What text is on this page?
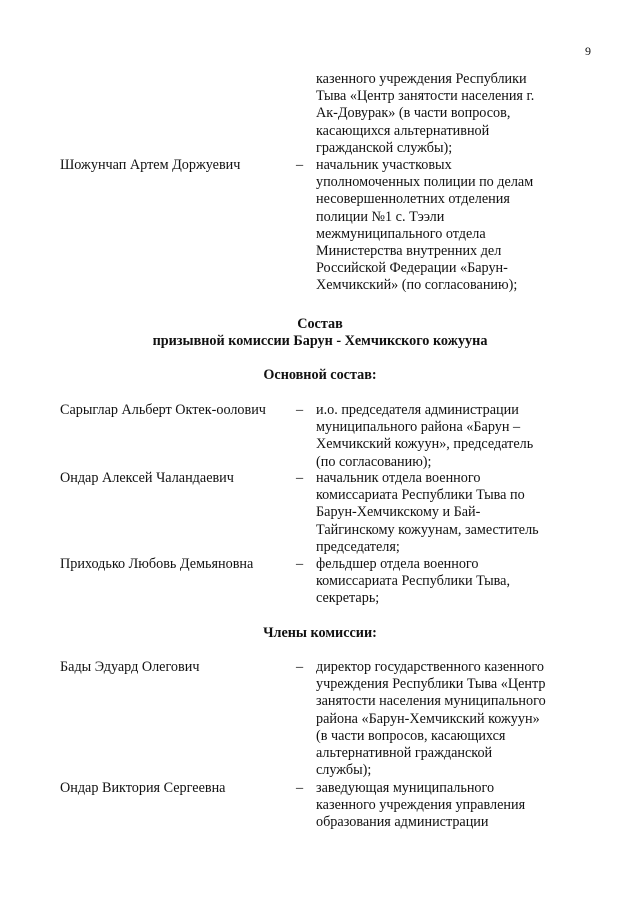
9
казенного учреждения Республики
Тыва «Центр занятости населения г.
Ак-Довурак» (в части вопросов,
касающихся альтернативной
гражданской службы);
Шожунчап Артем Доржуевич	– начальник участковых
уполномоченных полиции по делам
несовершеннолетних отделения
полиции №1 с. Тээли
межмуниципального отдела
Министерства внутренних дел
Российской Федерации «Барун-
Хемчикский» (по согласованию);
Состав
призывной комиссии Барун - Хемчикского кожууна
Основной состав:
Сарыглар Альберт Октек-оолович – и.о. председателя администрации
муниципального района «Барун –
Хемчикский кожуун», председатель
(по согласованию);
Ондар Алексей Чаландаевич	– начальник отдела военного
комиссариата Республики Тыва по
Барун-Хемчикскому и Бай-
Тайгинскому кожуунам, заместитель
председателя;
Приходько Любовь Демьяновна	– фельдшер отдела военного
комиссариата Республики Тыва,
секретарь;
Члены комиссии:
Бады Эдуард Олегович	– директор государственного казенного
учреждения Республики Тыва «Центр
занятости населения муниципального
района «Барун-Хемчикский кожуун»
(в части вопросов, касающихся
альтернативной гражданской
службы);
Ондар Виктория Сергеевна	– заведующая муниципального
казенного учреждения управления
образования администрации
